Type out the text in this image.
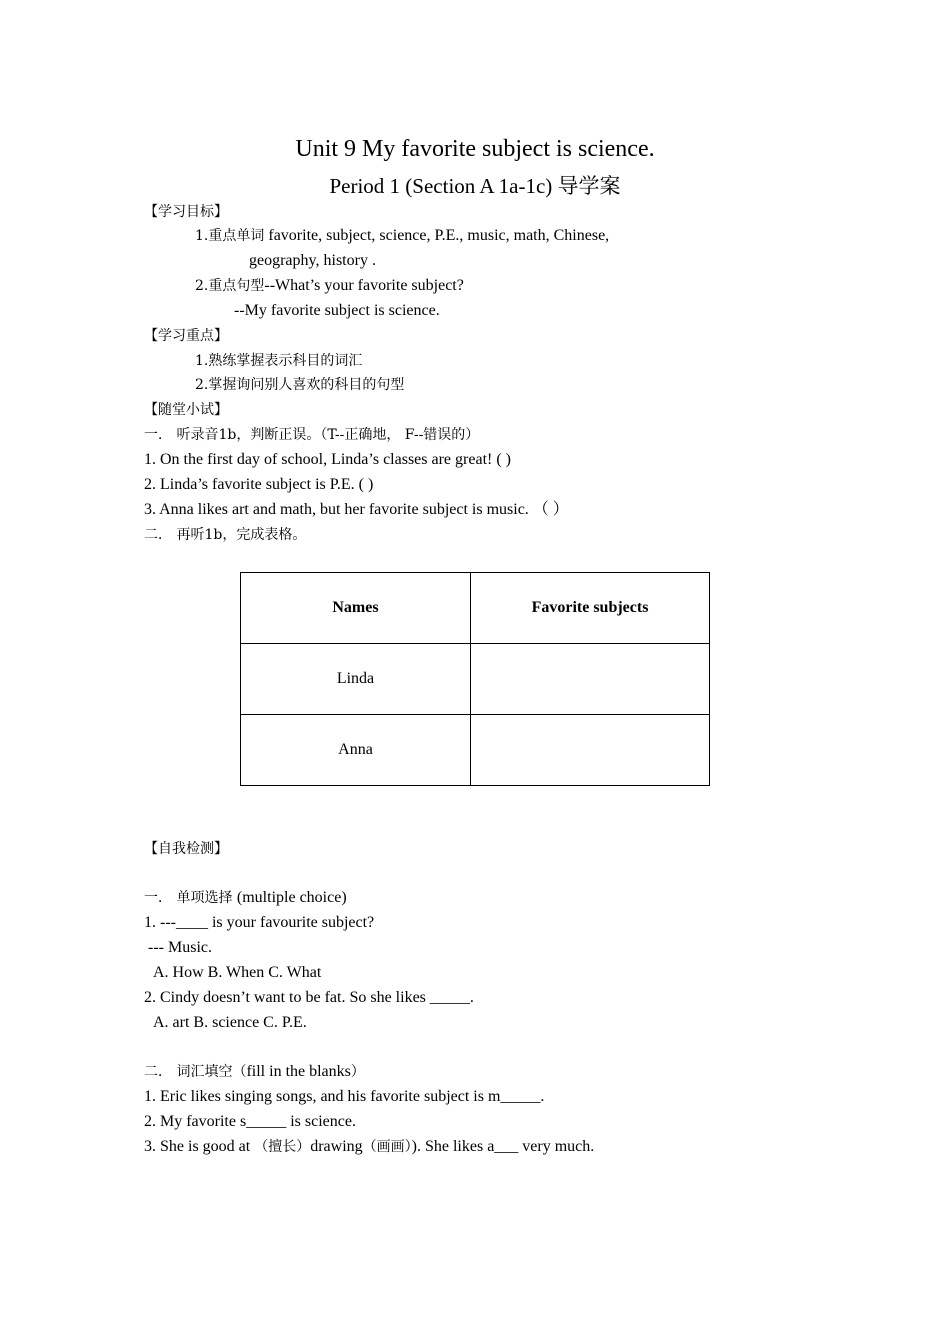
Unit 9 My favorite subject is science.
Period 1 (Section A 1a-1c) 导学案
【学习目标】
1.重点单词 favorite, subject, science, P.E., music, math, Chinese,
geography, history .
2.重点句型--What’s your favorite subject?
--My favorite subject is science.
【学习重点】
1.熟练掌握表示科目的词汇
2.掌握询问别人喜欢的科目的句型
【随堂小试】
一． 听录音1b，判断正误。（T--正确地， F--错误的）
1. On the first day of school, Linda’s classes are great! ( )
2. Linda’s favorite subject is P.E. ( )
3. Anna likes art and math, but her favorite subject is music. （ ）
二． 再听1b，完成表格。
Names	Favorite subjects
Linda	
Anna	
【自我检测】
一． 单项选择 (multiple choice)
1. ---____ is your favourite subject?
--- Music.
A. How B. When C. What
2. Cindy doesn’t want to be fat. So she likes _____.
A. art B. science C. P.E.
二． 词汇填空（fill in the blanks）
1. Eric likes singing songs, and his favorite subject is m_____.
2. My favorite s_____ is science.
3. She is good at （擅长）drawing（画画）). She likes a___ very much.
